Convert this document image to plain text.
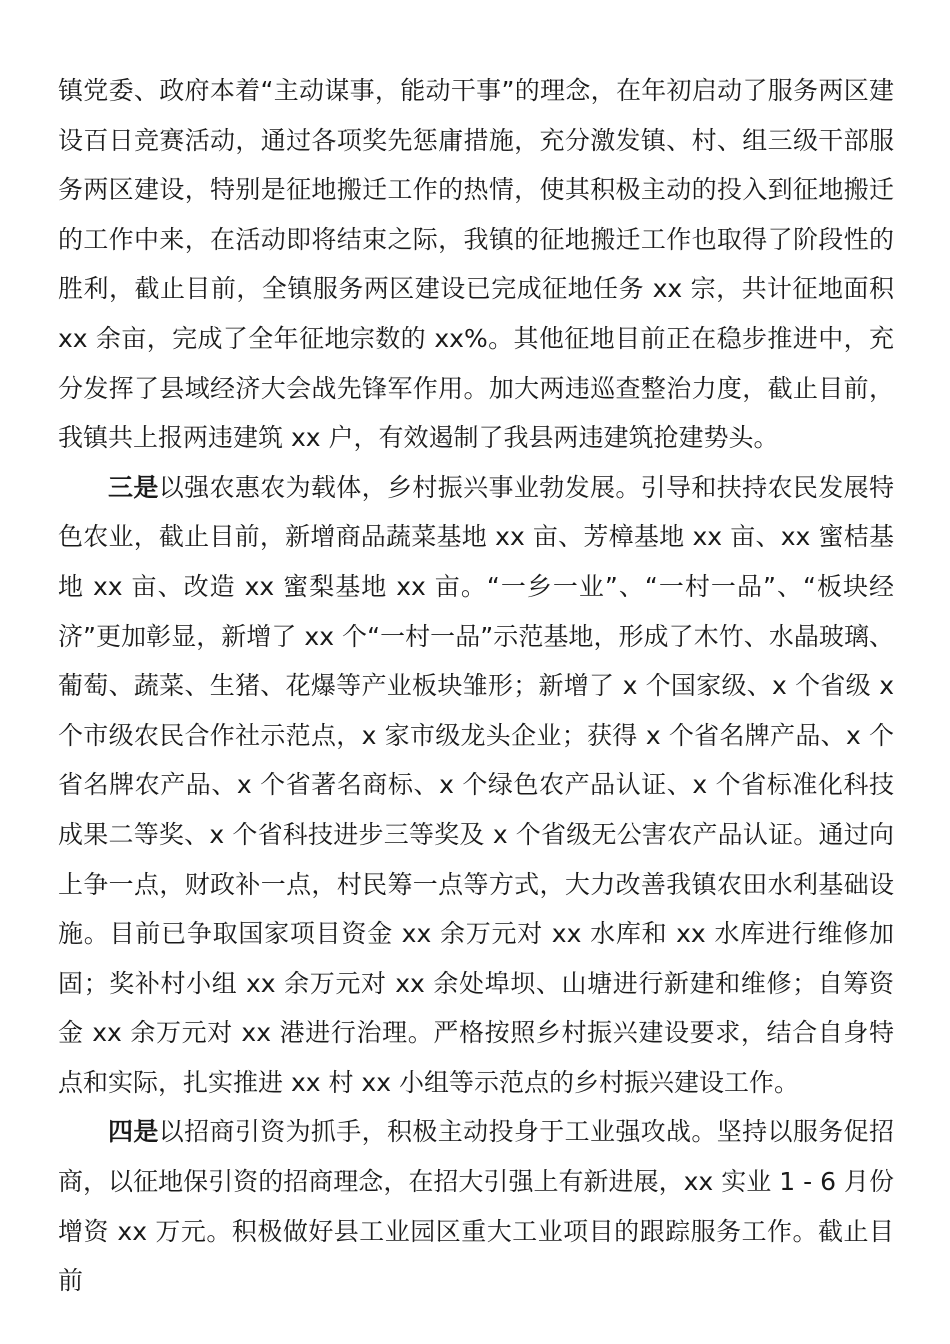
镇党委、政府本着“主动谋事，能动干事”的理念，在年初启动了服务两区建设百日竞赛活动，通过各项奖先惩庸措施，充分激发镇、村、组三级干部服务两区建设，特别是征地搬迁工作的热情，使其积极主动的投入到征地搬迁的工作中来，在活动即将结束之际，我镇的征地搬迁工作也取得了阶段性的胜利，截止目前，全镇服务两区建设已完成征地任务 xx 宗，共计征地面积 xx 余亩，完成了全年征地宗数的 xx%。其他征地目前正在稳步推进中，充分发挥了县域经济大会战先锋军作用。加大两违巡查整治力度，截止目前，我镇共上报两违建筑 xx 户，有效遏制了我县两违建筑抢建势头。

三是以强农惠农为载体，乡村振兴事业勃发展。引导和扶持农民发展特色农业，截止目前，新增商品蔬菜基地 xx 亩、芳樟基地 xx 亩、xx 蜜桔基地 xx 亩、改造 xx 蜜梨基地 xx 亩。“一乡一业”、“一村一品”、“板块经济”更加彰显，新增了 xx 个“一村一品”示范基地，形成了木竹、水晶玻璃、葡萄、蔬菜、生猪、花爆等产业板块雏形；新增了 x 个国家级、x 个省级 x 个市级农民合作社示范点，x 家市级龙头企业；获得 x 个省名牌产品、x 个省名牌农产品、x 个省著名商标、x 个绿色农产品认证、x 个省标准化科技成果二等奖、x 个省科技进步三等奖及 x 个省级无公害农产品认证。通过向上争一点，财政补一点，村民筹一点等方式，大力改善我镇农田水利基础设施。目前已争取国家项目资金 xx 余万元对 xx 水库和 xx 水库进行维修加固；奖补村小组 xx 余万元对 xx 余处埠坝、山塘进行新建和维修；自筹资金 xx 余万元对 xx 港进行治理。严格按照乡村振兴建设要求，结合自身特点和实际，扎实推进 xx 村 xx 小组等示范点的乡村振兴建设工作。

四是以招商引资为抓手，积极主动投身于工业强攻战。坚持以服务促招商，以征地保引资的招商理念，在招大引强上有新进展，xx 实业 1 - 6 月份增资 xx 万元。积极做好县工业园区重大工业项目的跟踪服务工作。截止目前
